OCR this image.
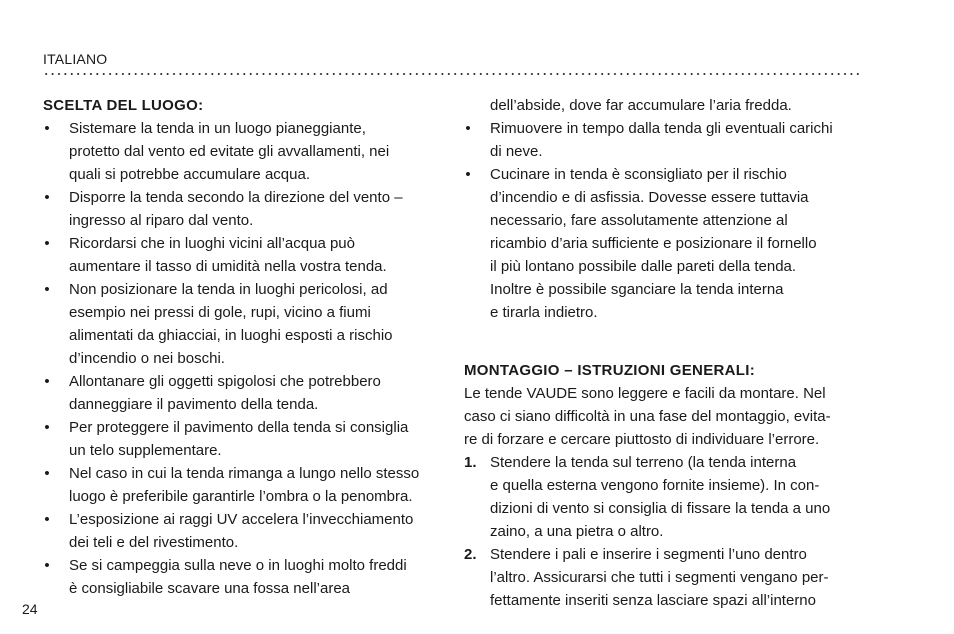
ITALIANO
SCELTA DEL LUOGO:
• Sistemare la tenda in un luogo pianeggiante,
protetto dal vento ed evitate gli avvallamenti, nei
quali si potrebbe accumulare acqua.
• Disporre la tenda secondo la direzione del vento –
ingresso al riparo dal vento.
• Ricordarsi che in luoghi vicini all’acqua può
aumentare il tasso di umidità nella vostra tenda.
• Non posizionare la tenda in luoghi pericolosi, ad
esempio nei pressi di gole, rupi, vicino a fiumi
alimentati da ghiacciai, in luoghi esposti a rischio
d’incendio o nei boschi.
• Allontanare gli oggetti spigolosi che potrebbero
danneggiare il pavimento della tenda.
• Per proteggere il pavimento della tenda si consiglia
un telo supplementare.
• Nel caso in cui la tenda rimanga a lungo nello stesso
luogo è preferibile garantirle l’ombra o la penombra.
• L’esposizione ai raggi UV accelera l’invecchiamento
dei teli e del rivestimento.
• Se si campeggia sulla neve o in luoghi molto freddi
è consigliabile scavare una fossa nell’area
dell’abside, dove far accumulare l’aria fredda.
• Rimuovere in tempo dalla tenda gli eventuali carichi
di neve.
• Cucinare in tenda è sconsigliato per il rischio
d’incendio e di asfissia. Dovesse essere tuttavia
necessario, fare assolutamente attenzione al
ricambio d’aria sufficiente e posizionare il fornello
il più lontano possibile dalle pareti della tenda.
Inoltre è possibile sganciare la tenda interna
e tirarla indietro.
MONTAGGIO – ISTRUZIONI GENERALI:

Le tende VAUDE sono leggere e facili da montare. Nel
caso ci siano difficoltà in una fase del montaggio, evita-
re di forzare e cercare piuttosto di individuare l’errore.

1. Stendere la tenda sul terreno (la tenda interna
e quella esterna vengono fornite insieme). In con-
dizioni di vento si consiglia di fissare la tenda a uno
zaino, a una pietra o altro.
2. Stendere i pali e inserire i segmenti l’uno dentro
l’altro. Assicurarsi che tutti i segmenti vengano per-
fettamente inseriti senza lasciare spazi all’interno
24
